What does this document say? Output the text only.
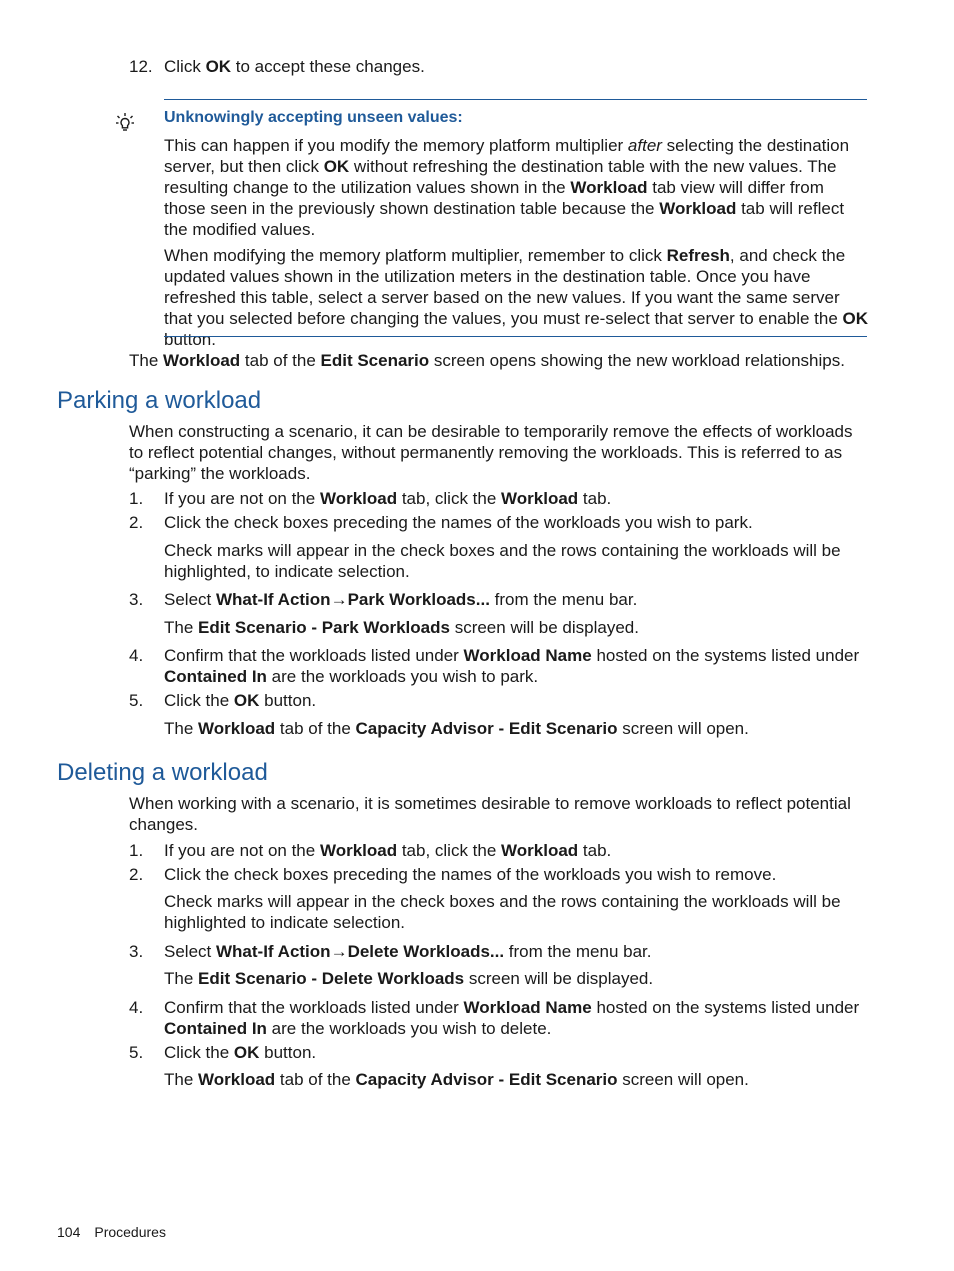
12. Click OK to accept these changes.
Unknowingly accepting unseen values:
This can happen if you modify the memory platform multiplier after selecting the destination server, but then click OK without refreshing the destination table with the new values. The resulting change to the utilization values shown in the Workload tab view will differ from those seen in the previously shown destination table because the Workload tab will reflect the modified values.
When modifying the memory platform multiplier, remember to click Refresh, and check the updated values shown in the utilization meters in the destination table. Once you have refreshed this table, select a server based on the new values. If you want the same server that you selected before changing the values, you must re-select that server to enable the OK button.
The Workload tab of the Edit Scenario screen opens showing the new workload relationships.
Parking a workload
When constructing a scenario, it can be desirable to temporarily remove the effects of workloads to reflect potential changes, without permanently removing the workloads. This is referred to as “parking” the workloads.
1.	If you are not on the Workload tab, click the Workload tab.
2.	Click the check boxes preceding the names of the workloads you wish to park.
Check marks will appear in the check boxes and the rows containing the workloads will be highlighted, to indicate selection.
3.	Select What-If Action→Park Workloads... from the menu bar.
The Edit Scenario - Park Workloads screen will be displayed.
4.	Confirm that the workloads listed under Workload Name hosted on the systems listed under Contained In are the workloads you wish to park.
5.	Click the OK button.
The Workload tab of the Capacity Advisor - Edit Scenario screen will open.
Deleting a workload
When working with a scenario, it is sometimes desirable to remove workloads to reflect potential changes.
1.	If you are not on the Workload tab, click the Workload tab.
2.	Click the check boxes preceding the names of the workloads you wish to remove.
Check marks will appear in the check boxes and the rows containing the workloads will be highlighted to indicate selection.
3.	Select What-If Action→Delete Workloads... from the menu bar.
The Edit Scenario - Delete Workloads screen will be displayed.
4.	Confirm that the workloads listed under Workload Name hosted on the systems listed under Contained In are the workloads you wish to delete.
5.	Click the OK button.
The Workload tab of the Capacity Advisor - Edit Scenario screen will open.
104 Procedures
